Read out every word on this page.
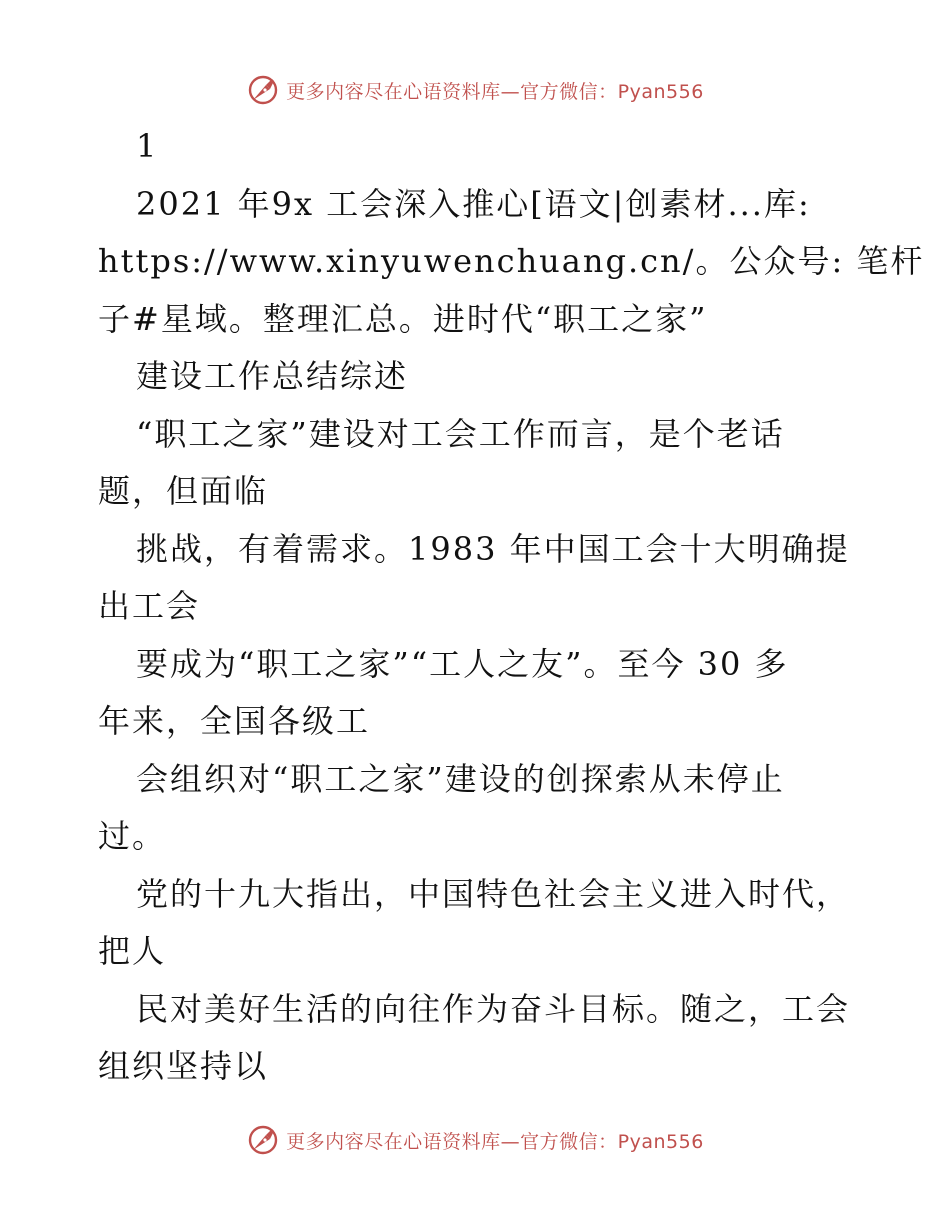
更多内容尽在心语资料库—官方微信：Pyan556
1
2021 年9x 工会深入推心[语文|创素材...库:
https://www.xinyuwenchuang.cn/。公众号: 笔杆
子#星域。整理汇总。进时代“职工之家”
建设工作总结综述
“职工之家”建设对工会工作而言，是个老话
题，但面临
挑战，有着需求。1983 年中国工会十大明确提
出工会
要成为“职工之家”“工人之友”。至今 30 多
年来，全国各级工
会组织对“职工之家”建设的创探索从未停止
过。
党的十九大指出，中国特色社会主义进入时代，
把人
民对美好生活的向往作为奋斗目标。随之，工会
组织坚持以
更多内容尽在心语资料库—官方微信：Pyan556
